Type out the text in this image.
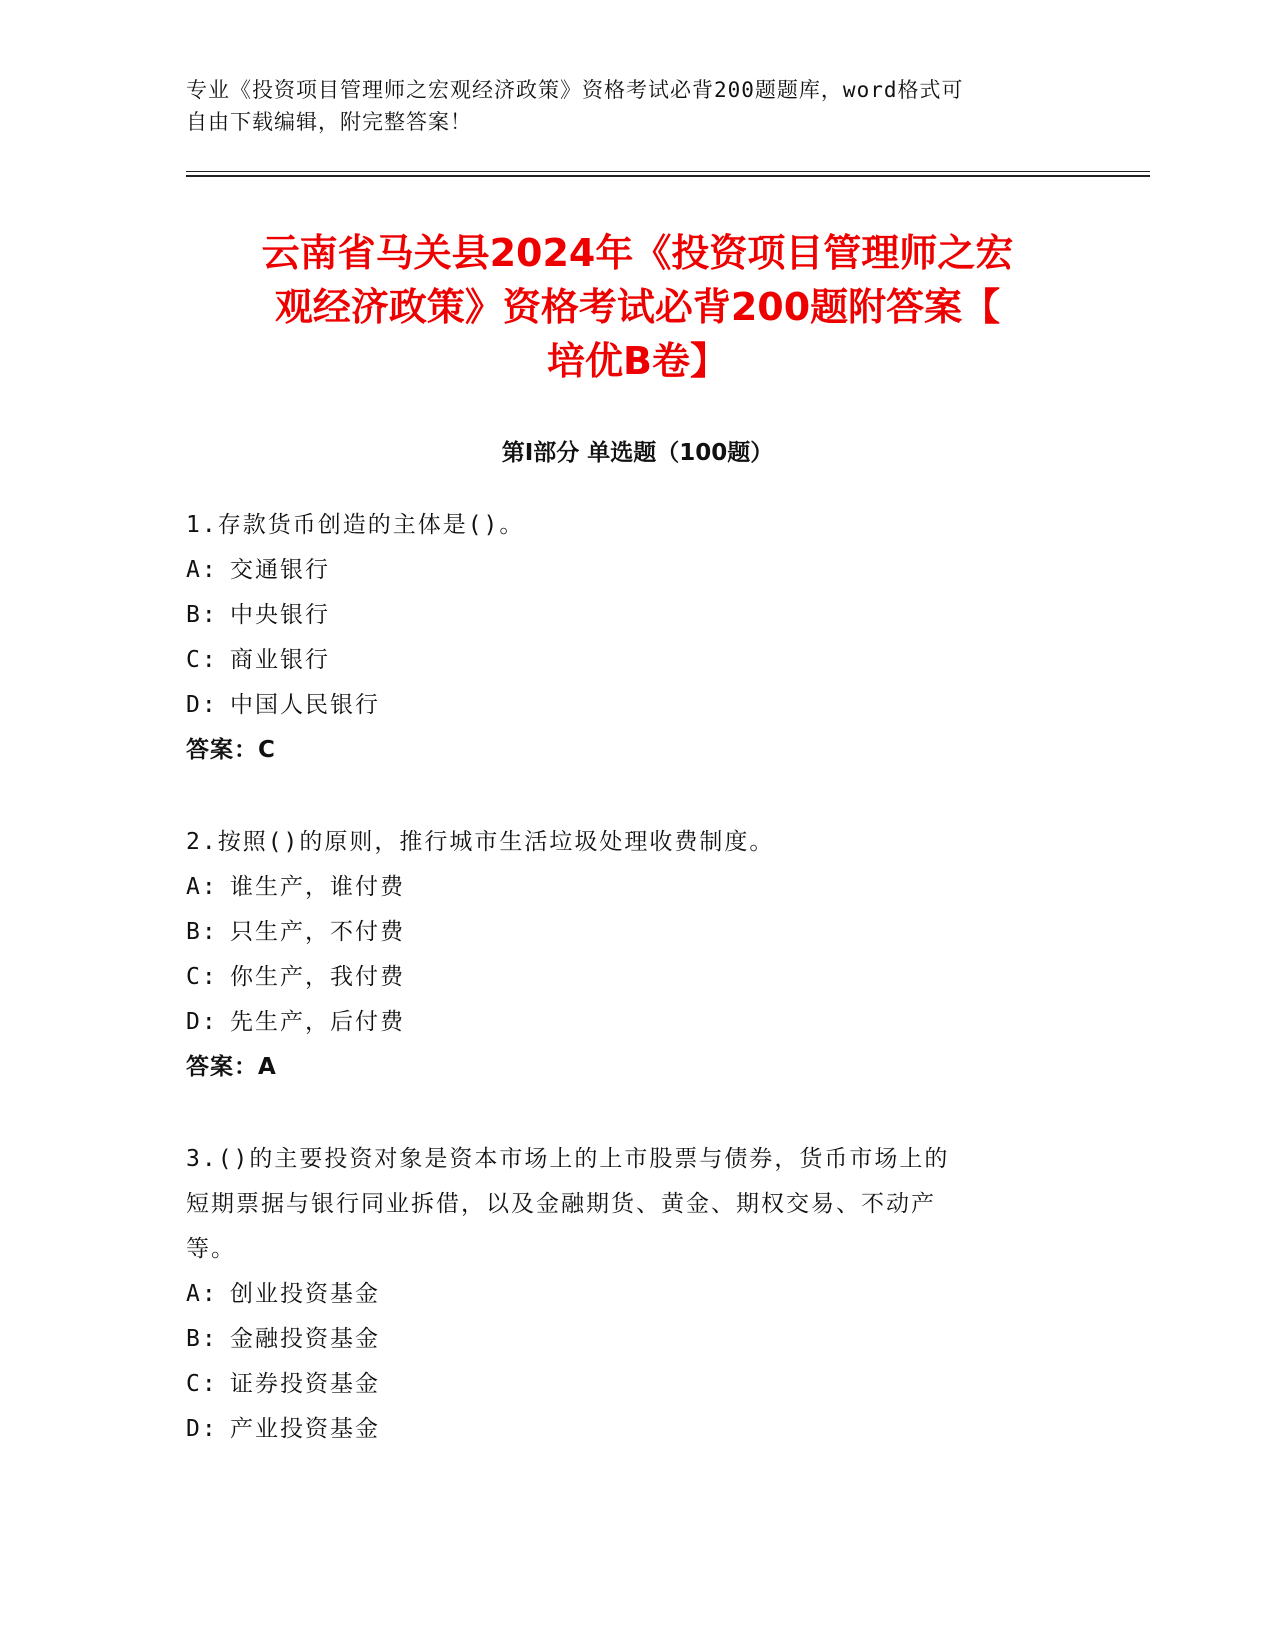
专业《投资项目管理师之宏观经济政策》资格考试必背200题题库，word格式可
自由下载编辑，附完整答案！
云南省马关县2024年《投资项目管理师之宏
观经济政策》资格考试必背200题附答案【
培优B卷】
第Ⅰ部分 单选题（100题）
1.存款货币创造的主体是()。
A: 交通银行
B: 中央银行
C: 商业银行
D: 中国人民银行
答案：C
2.按照()的原则，推行城市生活垃圾处理收费制度。
A: 谁生产，谁付费
B: 只生产，不付费
C: 你生产，我付费
D: 先生产，后付费
答案：A
3.()的主要投资对象是资本市场上的上市股票与债券，货币市场上的
短期票据与银行同业拆借，以及金融期货、黄金、期权交易、不动产
等。
A: 创业投资基金
B: 金融投资基金
C: 证券投资基金
D: 产业投资基金
